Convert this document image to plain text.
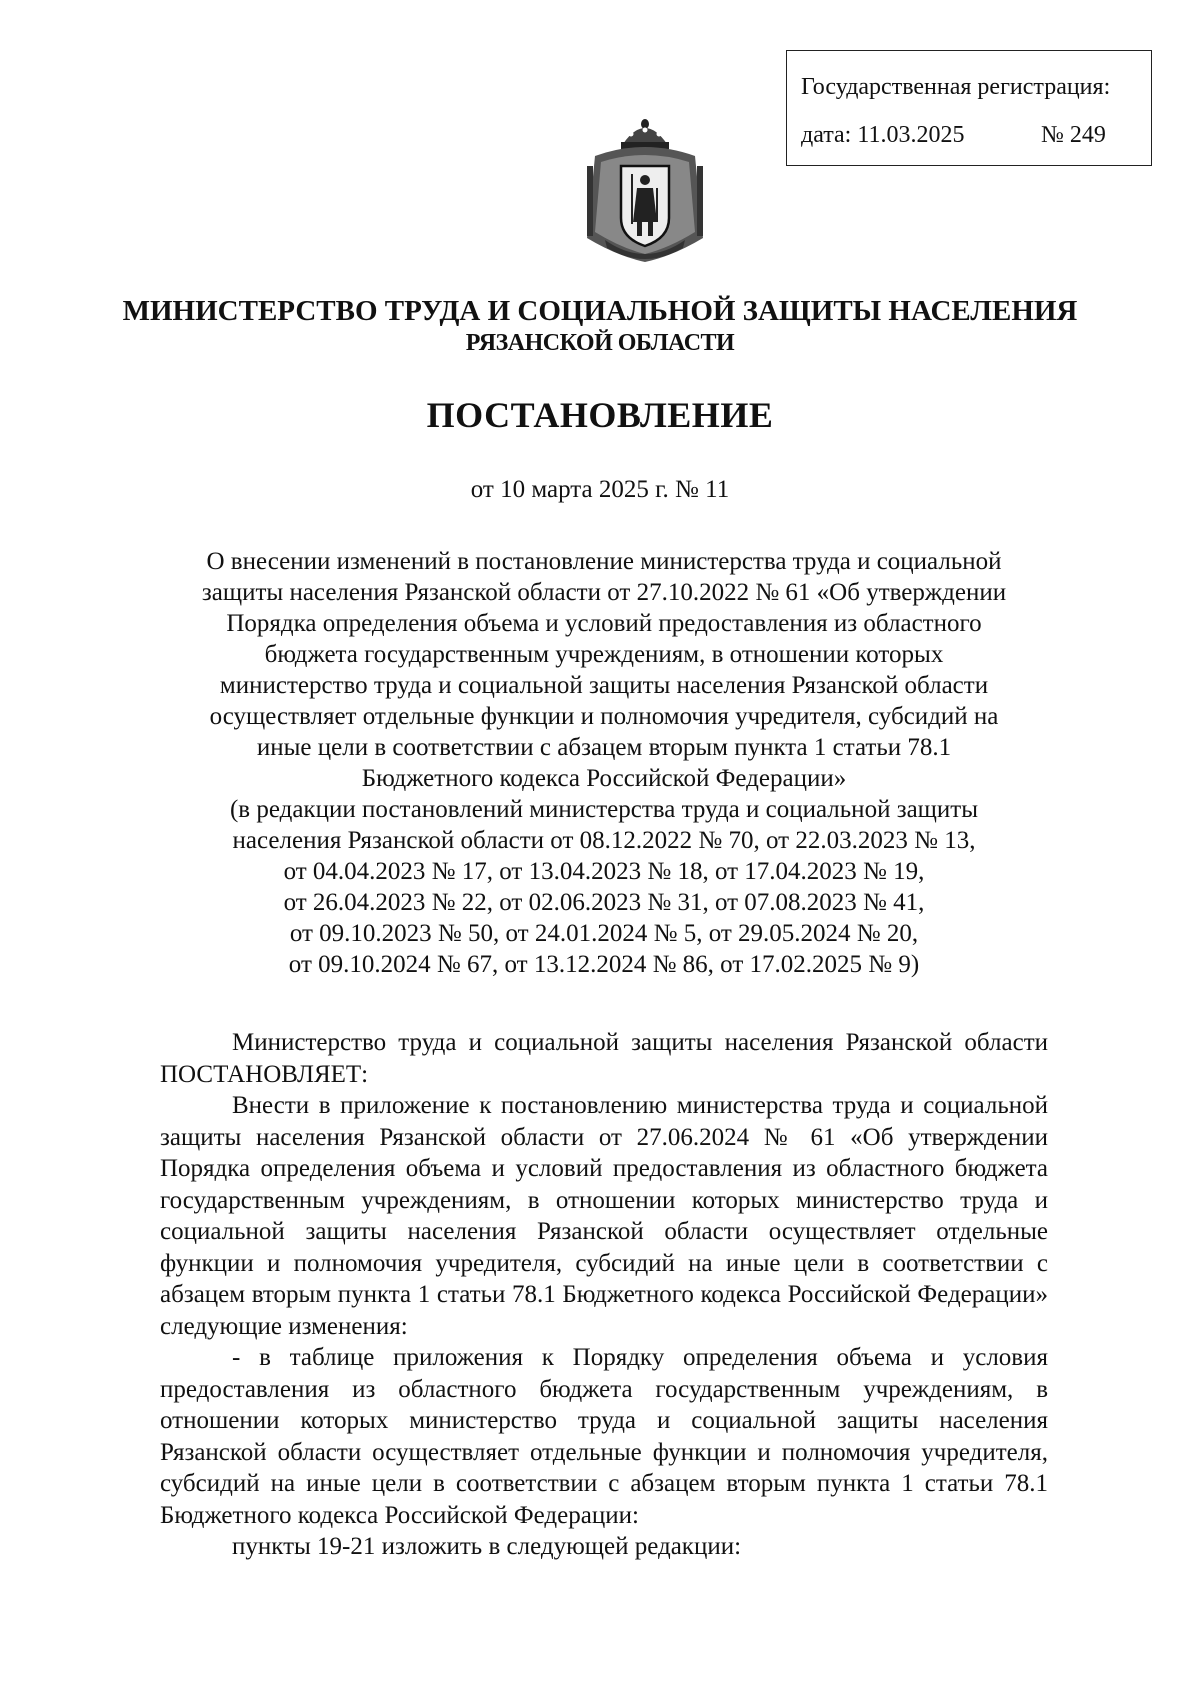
Государственная регистрация:
дата: 11.03.2025	№ 249
МИНИСТЕРСТВО ТРУДА И СОЦИАЛЬНОЙ ЗАЩИТЫ НАСЕЛЕНИЯ
РЯЗАНСКОЙ ОБЛАСТИ
ПОСТАНОВЛЕНИЕ
от 10 марта 2025 г. № 11

О внесении изменений в постановление министерства труда и социальной

защиты населения Рязанской области от 27.10.2022 № 61 «Об утверждении

Порядка определения объема и условий предоставления из областного

бюджета государственным учреждениям, в отношении которых

министерство труда и социальной защиты населения Рязанской области

осуществляет отдельные функции и полномочия учредителя, субсидий на

иные цели в соответствии с абзацем вторым пункта 1 статьи 78.1

Бюджетного кодекса Российской Федерации»

(в редакции постановлений министерства труда и социальной защиты

населения Рязанской области от 08.12.2022 № 70, от 22.03.2023 № 13,

от 04.04.2023 № 17, от 13.04.2023 № 18, от 17.04.2023 № 19,

от 26.04.2023 № 22, от 02.06.2023 № 31, от 07.08.2023 № 41,

от 09.10.2023 № 50, от 24.01.2024 № 5, от 29.05.2024 № 20,

от 09.10.2024 № 67, от 13.12.2024 № 86, от 17.02.2025 № 9)

Министерство труда и социальной защиты населения Рязанской области ПОСТАНОВЛЯЕТ:

Внести в приложение к постановлению министерства труда и социальной защиты населения Рязанской области от 27.06.2024 № 61 «Об утверждении Порядка определения объема и условий предоставления из областного бюджета государственным учреждениям, в отношении которых министерство труда и социальной защиты населения Рязанской области осуществляет отдельные функции и полномочия учредителя, субсидий на иные цели в соответствии с абзацем вторым пункта 1 статьи 78.1 Бюджетного кодекса Российской Федерации» следующие изменения:

- в таблице приложения к Порядку определения объема и условия предоставления из областного бюджета государственным учреждениям, в отношении которых министерство труда и социальной защиты населения Рязанской области осуществляет отдельные функции и полномочия учредителя, субсидий на иные цели в соответствии с абзацем вторым пункта 1 статьи 78.1 Бюджетного кодекса Российской Федерации:

пункты 19-21 изложить в следующей редакции:
